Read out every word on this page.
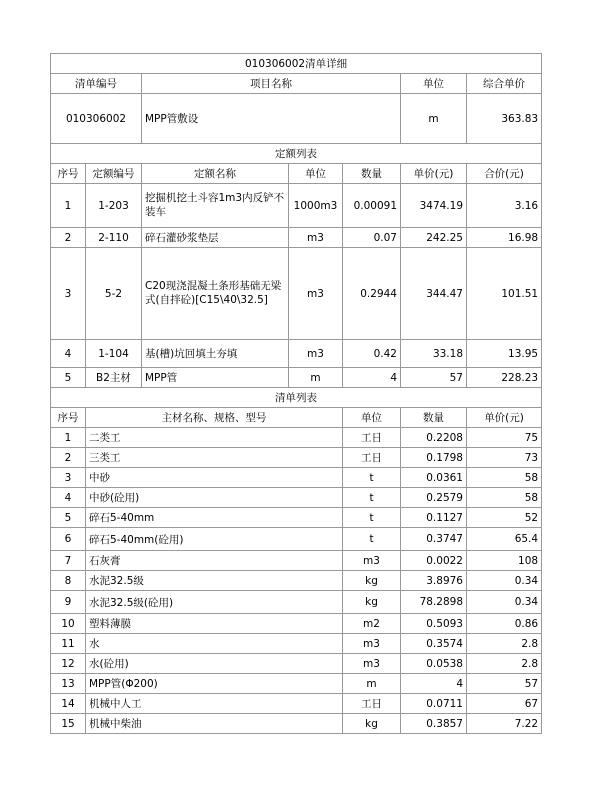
010306002清单详细							
清单编号		项目名称			单位	综合单价	
010306002		MPP管敷设			m	363.83	
定额列表							
序号	定额编号	定额名称	单位	数量	单价(元)	合价(元)	
1	1-203	挖掘机挖土斗容1m3内反铲不装车	1000m3	0.00091	3474.19	3.16	
2	2-110	碎石灌砂浆垫层	m3	0.07	242.25	16.98	
3	5-2	C20现浇混凝土条形基础无梁式(自拌砼)[C15\40\32.5]	m3	0.2944	344.47	101.51	
4	1-104	基(槽)坑回填土夯填	m3	0.42	33.18	13.95	
5	B2主材	MPP管	m	4	57	228.23	
清单列表							
序号	主材名称、规格、型号			单位	数量	单价(元)	
1	二类工			工日	0.2208	75	
2	三类工			工日	0.1798	73	
3	中砂			t	0.0361	58	
4	中砂(砼用)			t	0.2579	58	
5	碎石5-40mm			t	0.1127	52	
6	碎石5-40mm(砼用)			t	0.3747	65.4	
7	石灰膏			m3	0.0022	108	
8	水泥32.5级			kg	3.8976	0.34	
9	水泥32.5级(砼用)			kg	78.2898	0.34	
10	塑料薄膜			m2	0.5093	0.86	
11	水			m3	0.3574	2.8	
12	水(砼用)			m3	0.0538	2.8	
13	MPP管(Φ200)			m	4	57	
14	机械中人工			工日	0.0711	67	
15	机械中柴油			kg	0.3857	7.22	
